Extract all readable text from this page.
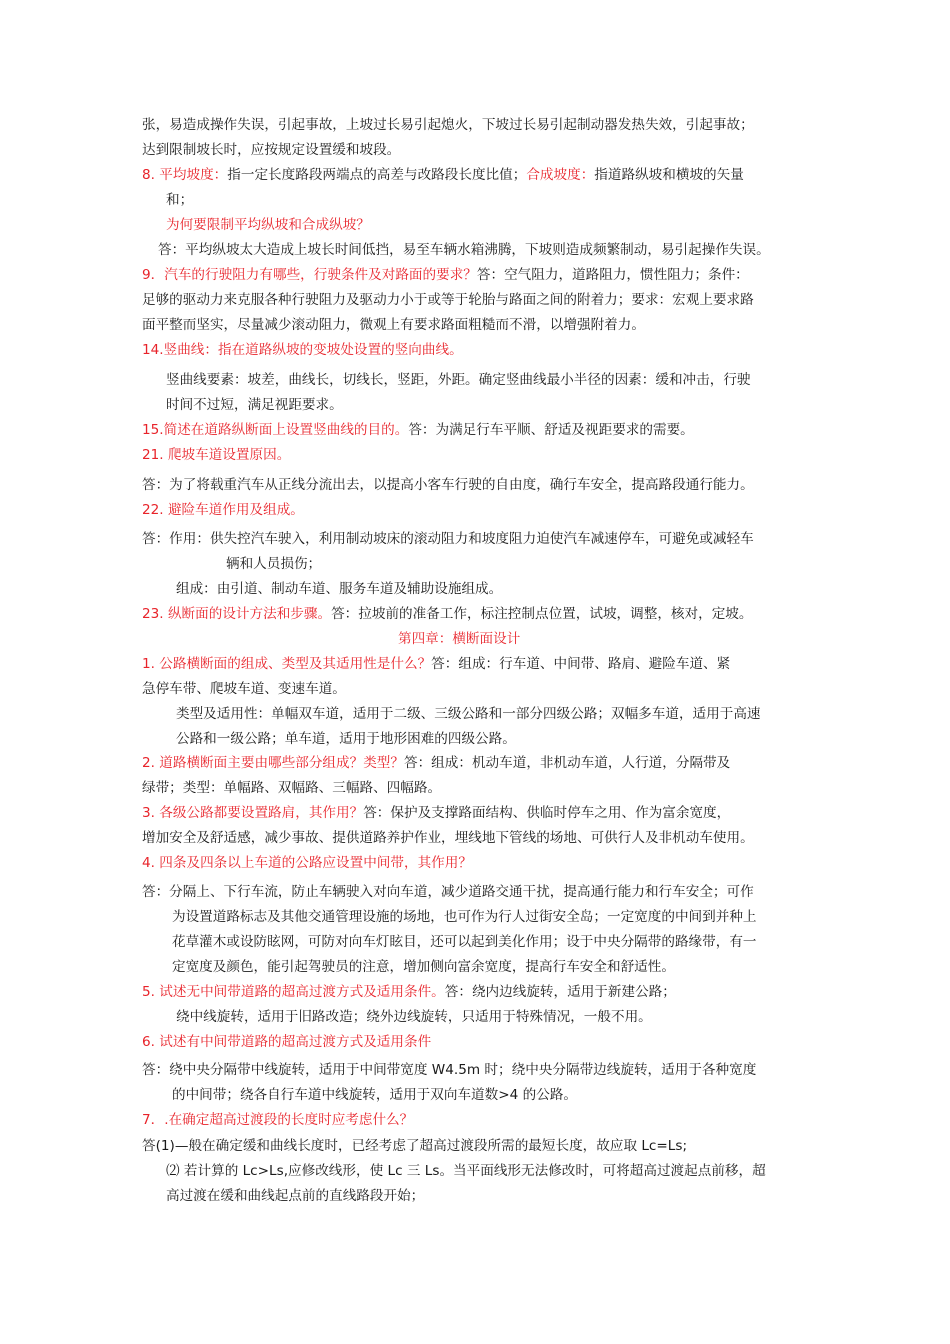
张，易造成操作失误，引起事故，上坡过长易引起熄火，下坡过长易引起制动器发热失效，引起事故；
达到限制坡长时，应按规定设置缓和坡段。
8. 平均坡度：指一定长度路段两端点的高差与改路段长度比值；合成坡度：指道路纵坡和横坡的矢量
和；
为何要限制平均纵坡和合成纵坡？
答：平均纵坡太大造成上坡长时间低挡，易至车辆水箱沸腾，下坡则造成频繁制动，易引起操作失误。
9．汽车的行驶阻力有哪些，行驶条件及对路面的要求？答：空气阻力，道路阻力，惯性阻力；条件：
足够的驱动力来克服各种行驶阻力及驱动力小于或等于轮胎与路面之间的附着力；要求：宏观上要求路
面平整而坚实，尽量减少滚动阻力，微观上有要求路面粗糙而不滑，以增强附着力。
14.竖曲线：指在道路纵坡的变坡处设置的竖向曲线。
竖曲线要素：坡差，曲线长，切线长，竖距，外距。确定竖曲线最小半径的因素：缓和冲击，行驶
时间不过短，满足视距要求。
15.简述在道路纵断面上设置竖曲线的目的。答：为满足行车平顺、舒适及视距要求的需要。
21. 爬坡车道设置原因。
答：为了将载重汽车从正线分流出去，以提高小客车行驶的自由度，确行车安全，提高路段通行能力。
22. 避险车道作用及组成。
答：作用：供失控汽车驶入，利用制动坡床的滚动阻力和坡度阻力迫使汽车减速停车，可避免或减轻车
辆和人员损伤；
组成：由引道、制动车道、服务车道及辅助设施组成。
23. 纵断面的设计方法和步骤。答：拉坡前的准备工作，标注控制点位置，试坡，调整，核对，定坡。
第四章：横断面设计
1. 公路横断面的组成、类型及其适用性是什么？答：组成：行车道、中间带、路肩、避险车道、紧
急停车带、爬坡车道、变速车道。
类型及适用性：单幅双车道，适用于二级、三级公路和一部分四级公路；双幅多车道，适用于高速
公路和一级公路；单车道，适用于地形困难的四级公路。
2. 道路横断面主要由哪些部分组成？类型？答：组成：机动车道，非机动车道，人行道，分隔带及
绿带；类型：单幅路、双幅路、三幅路、四幅路。
3. 各级公路都要设置路肩，其作用？答：保护及支撑路面结构、供临时停车之用、作为富余宽度，
增加安全及舒适感，减少事故、提供道路养护作业，埋线地下管线的场地、可供行人及非机动车使用。
4. 四条及四条以上车道的公路应设置中间带，其作用？
答：分隔上、下行车流，防止车辆驶入对向车道，减少道路交通干扰，提高通行能力和行车安全；可作
为设置道路标志及其他交通管理设施的场地，也可作为行人过街安全岛；一定宽度的中间到并种上
花草灌木或设防眩网，可防对向车灯眩目，还可以起到美化作用；设于中央分隔带的路缘带，有一
定宽度及颜色，能引起驾驶员的注意，增加侧向富余宽度，提高行车安全和舒适性。
5. 试述无中间带道路的超高过渡方式及适用条件。答：绕内边线旋转，适用于新建公路；
绕中线旋转，适用于旧路改造；绕外边线旋转，只适用于特殊情况，一般不用。
6. 试述有中间带道路的超高过渡方式及适用条件
答：绕中央分隔带中线旋转，适用于中间带宽度 W4.5m 时；绕中央分隔带边线旋转，适用于各种宽度
的中间带；绕各自行车道中线旋转，适用于双向车道数>4 的公路。
7．.在确定超高过渡段的长度时应考虑什么？
答(1)—般在确定缓和曲线长度时，已经考虑了超高过渡段所需的最短长度，故应取 Lc=Ls;
⑵ 若计算的 Lc>Ls,应修改线形，使 Lc 三 Ls。当平面线形无法修改时，可将超高过渡起点前移，超
高过渡在缓和曲线起点前的直线路段开始；
